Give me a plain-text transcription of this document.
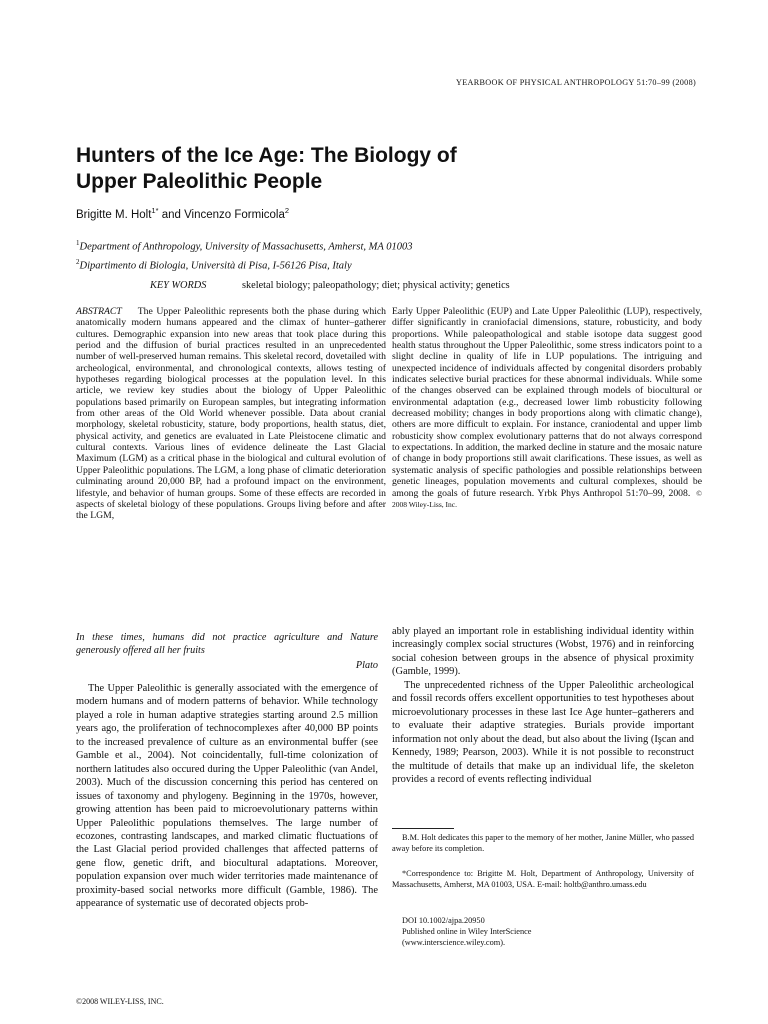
YEARBOOK OF PHYSICAL ANTHROPOLOGY 51:70–99 (2008)
Hunters of the Ice Age: The Biology of
Upper Paleolithic People
Brigitte M. Holt$^{1*}$ and Vincenzo Formicola$^2$
$^1$Department of Anthropology, University of Massachusetts, Amherst, MA 01003
$^2$Dipartimento di Biologia, Università di Pisa, I-56126 Pisa, Italy
KEY WORDS	skeletal biology; paleopathology; diet; physical activity; genetics

ABSTRACT The Upper Paleolithic represents both the phase during which anatomically modern humans appeared and the climax of hunter–gatherer cultures. Demographic expansion into new areas that took place during this period and the diffusion of burial practices resulted in an unprecedented number of well-preserved human remains. This skeletal record, dovetailed with archeological, environmental, and chronological contexts, allows testing of hypotheses regarding biological processes at the population level. In this article, we review key studies about the biology of Upper Paleolithic populations based primarily on European samples, but integrating information from other areas of the Old World whenever possible. Data about cranial morphology, skeletal robusticity, stature, body proportions, health status, diet, physical activity, and genetics are evaluated in Late Pleistocene climatic and cultural contexts. Various lines of evidence delineate the Last Glacial Maximum (LGM) as a critical phase in the biological and cultural evolution of Upper Paleolithic populations. The LGM, a long phase of climatic deterioration culminating around 20,000 BP, had a profound impact on the environment, lifestyle, and behavior of human groups. Some of these effects are recorded in aspects of skeletal biology of these populations. Groups living before and after the LGM,

Early Upper Paleolithic (EUP) and Late Upper Paleolithic (LUP), respectively, differ significantly in craniofacial dimensions, stature, robusticity, and body proportions. While paleopathological and stable isotope data suggest good health status throughout the Upper Paleolithic, some stress indicators point to a slight decline in quality of life in LUP populations. The intriguing and unexpected incidence of individuals affected by congenital disorders probably indicates selective burial practices for these abnormal individuals. While some of the changes observed can be explained through models of biocultural or environmental adaptation (e.g., decreased lower limb robusticity following decreased mobility; changes in body proportions along with climatic change), others are more difficult to explain. For instance, craniodental and upper limb robusticity show complex evolutionary patterns that do not always correspond to expectations. In addition, the marked decline in stature and the mosaic nature of change in body proportions still await clarifications. These issues, as well as systematic analysis of specific pathologies and possible relationships between genetic lineages, population movements and cultural complexes, should be among the goals of future research. Yrbk Phys Anthropol 51:70–99, 2008. © 2008 Wiley-Liss, Inc.

In these times, humans did not practice agriculture and Nature generously offered all her fruits
Plato

The Upper Paleolithic is generally associated with the emergence of modern humans and of modern patterns of behavior. While technology played a role in human adaptive strategies starting around 2.5 million years ago, the proliferation of technocomplexes after 40,000 BP points to the increased prevalence of culture as an environmental buffer (see Gamble et al., 2004). Not coincidentally, full-time colonization of northern latitudes also occured during the Upper Paleolithic (van Andel, 2003). Much of the discussion concerning this period has centered on issues of taxonomy and phylogeny. Beginning in the 1970s, however, growing attention has been paid to microevolutionary patterns within Upper Paleolithic populations themselves. The large number of ecozones, contrasting landscapes, and marked climatic fluctuations of the Last Glacial period provided challenges that affected patterns of gene flow, genetic drift, and biocultural adaptations. Moreover, population expansion over much wider territories made maintenance of proximity-based social networks more difficult (Gamble, 1986). The appearance of systematic use of decorated objects prob-

ably played an important role in establishing individual identity within increasingly complex social structures (Wobst, 1976) and in reinforcing social cohesion between groups in the absence of physical proximity (Gamble, 1999).

The unprecedented richness of the Upper Paleolithic archeological and fossil records offers excellent opportunities to test hypotheses about microevolutionary processes in these last Ice Age hunter–gatherers and to evaluate their adaptive strategies. Burials provide important information not only about the dead, but also about the living (Işcan and Kennedy, 1989; Pearson, 2003). While it is not possible to reconstruct the multitude of details that make up an individual life, the skeleton provides a record of events reflecting individual

B.M. Holt dedicates this paper to the memory of her mother, Janine Müller, who passed away before its completion.

*Correspondence to: Brigitte M. Holt, Department of Anthropology, University of Massachusetts, Amherst, MA 01003, USA. E-mail: holtb@anthro.umass.edu

DOI 10.1002/ajpa.20950
Published online in Wiley InterScience
(www.interscience.wiley.com).
©2008 WILEY-LISS, INC.
